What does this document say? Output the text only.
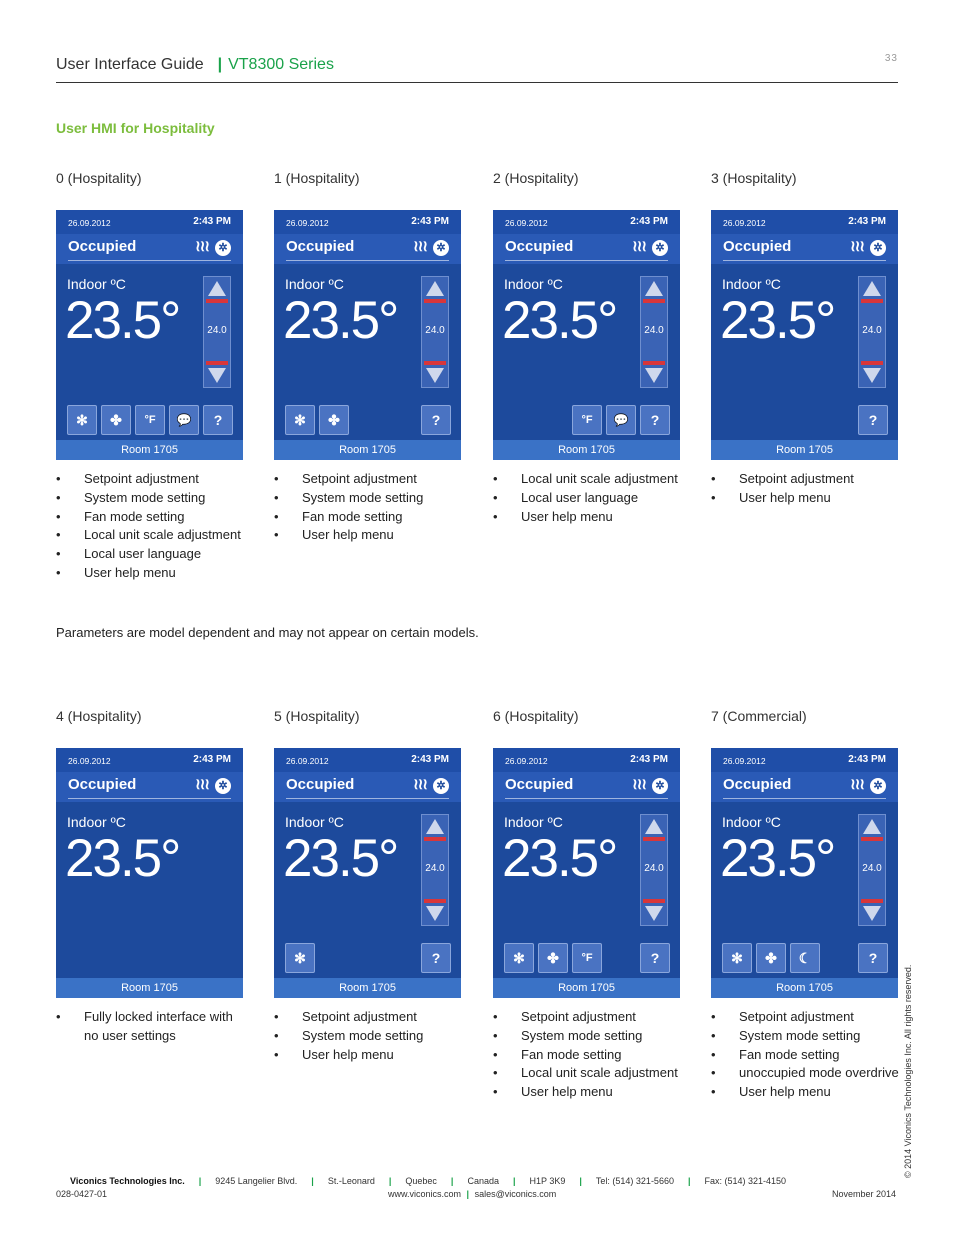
User Interface Guide | VT8300 Series	33
User HMI for Hospitality
0 (Hospitality)
26.09.2012	2:43 PM
Occupied	≀≀≀ ✲
Indoor ºC
23.5°	24.0
✻	✤	°F	💬	?
Room 1705
• Setpoint adjustment
• System mode setting
• Fan mode setting
• Local unit scale adjustment
• Local user language
• User help menu
1 (Hospitality)
26.09.2012	2:43 PM
Occupied	≀≀≀ ✲
Indoor ºC
23.5°	24.0
✻	✤	?
Room 1705
• Setpoint adjustment
• System mode setting
• Fan mode setting
• User help menu
2 (Hospitality)
26.09.2012	2:43 PM
Occupied	≀≀≀ ✲
Indoor ºC
23.5°	24.0
°F	💬	?
Room 1705
• Local unit scale adjustment
• Local user language
• User help menu
3 (Hospitality)
26.09.2012	2:43 PM
Occupied	≀≀≀ ✲
Indoor ºC
23.5°	24.0
?
Room 1705
• Setpoint adjustment
• User help menu
Parameters are model dependent and may not appear on certain models.
4 (Hospitality)
26.09.2012	2:43 PM
Occupied	≀≀≀ ✲
Indoor ºC
23.5°
Room 1705
• Fully locked interface with no user settings
5 (Hospitality)
26.09.2012	2:43 PM
Occupied	≀≀≀ ✲
Indoor ºC
23.5°	24.0
✻	?
Room 1705
• Setpoint adjustment
• System mode setting
• User help menu
6 (Hospitality)
26.09.2012	2:43 PM
Occupied	≀≀≀ ✲
Indoor ºC
23.5°	24.0
✻	✤	°F	?
Room 1705
• Setpoint adjustment
• System mode setting
• Fan mode setting
• Local unit scale adjustment
• User help menu
7 (Commercial)
26.09.2012	2:43 PM
Occupied	≀≀≀ ✲
Indoor ºC
23.5°	24.0
✻	✤	☾	?
Room 1705
• Setpoint adjustment
• System mode setting
• Fan mode setting
• unoccupied mode overdrive
• User help menu	© 2014 Viconics Technologies Inc. All rights reserved.
Viconics Technologies Inc. | 9245 Langelier Blvd. | St.-Leonard | Quebec | Canada | H1P 3K9 | Tel: (514) 321-5660 | Fax: (514) 321-4150
028-0427-01	www.viconics.com | sales@viconics.com	November 2014
